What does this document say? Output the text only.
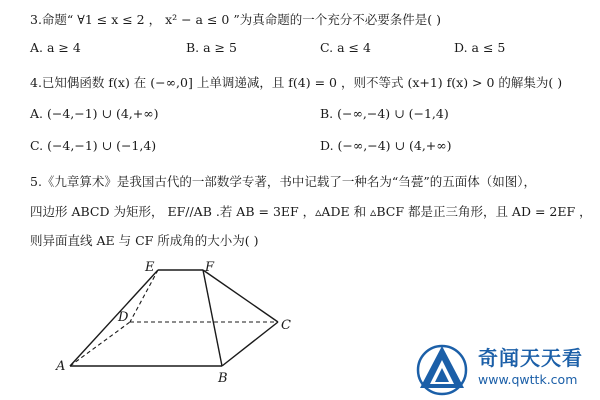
3.命题“ ∀1 ≤ x ≤ 2 ， x² − a ≤ 0 ”为真命题的一个充分不必要条件是( )
A. a ≥ 4	B. a ≥ 5	C. a ≤ 4	D. a ≤ 5
4.已知偶函数 f(x) 在 (−∞,0] 上单调递减，且 f(4) = 0 ，则不等式 (x+1) f(x) > 0 的解集为( )
A. (−4,−1) ∪ (4,+∞)	B. (−∞,−4) ∪ (−1,4)
C. (−4,−1) ∪ (−1,4)	D. (−∞,−4) ∪ (4,+∞)
5.《九章算术》是我国古代的一部数学专著，书中记载了一种名为“刍甍”的五面体（如图），
四边形 ABCD 为矩形， EF//AB .若 AB = 3EF ，▵ADE 和 ▵BCF 都是正三角形，且 AD = 2EF ，
则异面直线 AE 与 CF 所成角的大小为( )
E	F
D
C
A
B
奇闻天天看
www.qwttk.com
